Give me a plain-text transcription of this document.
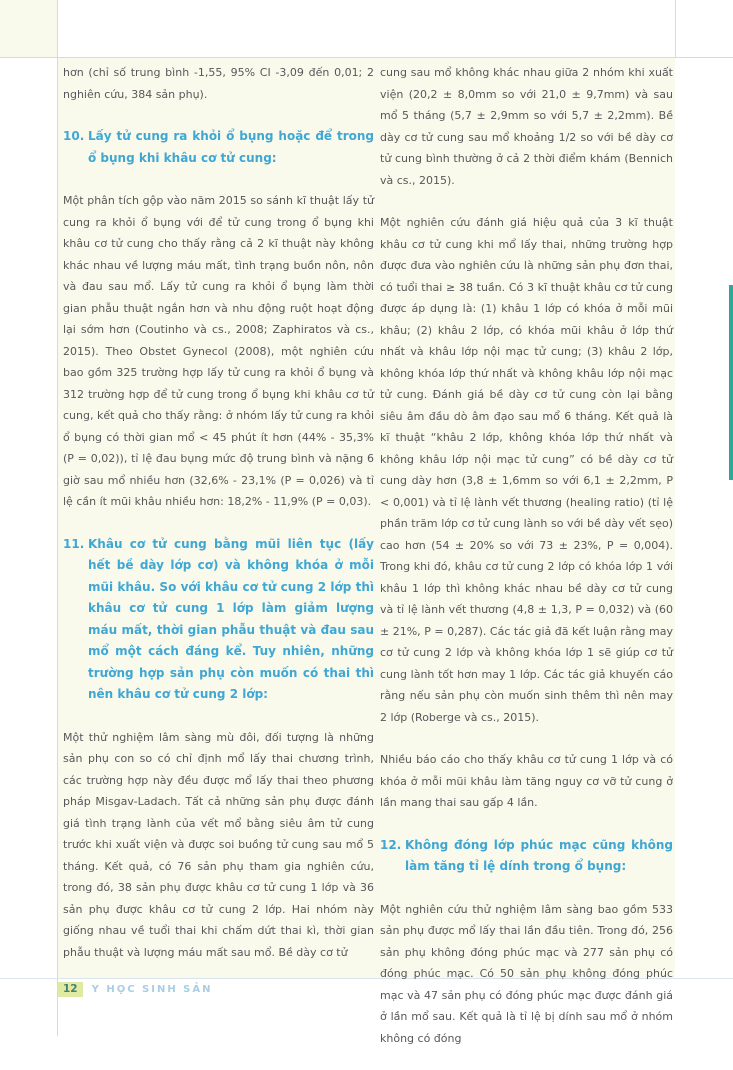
hơn (chỉ số trung bình -1,55, 95% CI -3,09 đến 0,01; 2 nghiên cứu, 384 sản phụ).

10. Lấy tử cung ra khỏi ổ bụng hoặc để trong ổ bụng khi khâu cơ tử cung:

Một phân tích gộp vào năm 2015 so sánh kĩ thuật lấy tử cung ra khỏi ổ bụng với để tử cung trong ổ bụng khi khâu cơ tử cung cho thấy rằng cả 2 kĩ thuật này không khác nhau về lượng máu mất, tình trạng buồn nôn, nôn và đau sau mổ. Lấy tử cung ra khỏi ổ bụng làm thời gian phẫu thuật ngắn hơn và nhu động ruột hoạt động lại sớm hơn (Coutinho và cs., 2008; Zaphiratos và cs., 2015). Theo Obstet Gynecol (2008), một nghiên cứu bao gồm 325 trường hợp lấy tử cung ra khỏi ổ bụng và 312 trường hợp để tử cung trong ổ bụng khi khâu cơ tử cung, kết quả cho thấy rằng: ở nhóm lấy tử cung ra khỏi ổ bụng có thời gian mổ < 45 phút ít hơn (44% - 35,3% (P = 0,02)), tỉ lệ đau bụng mức độ trung bình và nặng 6 giờ sau mổ nhiều hơn (32,6% - 23,1% (P = 0,026) và tỉ lệ cần ít mũi khâu nhiều hơn: 18,2% - 11,9% (P = 0,03).

11. Khâu cơ tử cung bằng mũi liên tục (lấy hết bề dày lớp cơ) và không khóa ở mỗi mũi khâu. So với khâu cơ tử cung 2 lớp thì khâu cơ tử cung 1 lớp làm giảm lượng máu mất, thời gian phẫu thuật và đau sau mổ một cách đáng kể. Tuy nhiên, những trường hợp sản phụ còn muốn có thai thì nên khâu cơ tử cung 2 lớp:

Một thử nghiệm lâm sàng mù đôi, đối tượng là những sản phụ con so có chỉ định mổ lấy thai chương trình, các trường hợp này đều được mổ lấy thai theo phương pháp Misgav-Ladach. Tất cả những sản phụ được đánh giá tình trạng lành của vết mổ bằng siêu âm tử cung trước khi xuất viện và được soi buồng tử cung sau mổ 5 tháng. Kết quả, có 76 sản phụ tham gia nghiên cứu, trong đó, 38 sản phụ được khâu cơ tử cung 1 lớp và 36 sản phụ được khâu cơ tử cung 2 lớp. Hai nhóm này giống nhau về tuổi thai khi chấm dứt thai kì, thời gian phẫu thuật và lượng máu mất sau mổ. Bề dày cơ tử

cung sau mổ không khác nhau giữa 2 nhóm khi xuất viện (20,2 ± 8,0mm so với 21,0 ± 9,7mm) và sau mổ 5 tháng (5,7 ± 2,9mm so với 5,7 ± 2,2mm). Bề dày cơ tử cung sau mổ khoảng 1/2 so với bề dày cơ tử cung bình thường ở cả 2 thời điểm khám (Bennich và cs., 2015).

Một nghiên cứu đánh giá hiệu quả của 3 kĩ thuật khâu cơ tử cung khi mổ lấy thai, những trường hợp được đưa vào nghiên cứu là những sản phụ đơn thai, có tuổi thai ≥ 38 tuần. Có 3 kĩ thuật khâu cơ tử cung được áp dụng là: (1) khâu 1 lớp có khóa ở mỗi mũi khâu; (2) khâu 2 lớp, có khóa mũi khâu ở lớp thứ nhất và khâu lớp nội mạc tử cung; (3) khâu 2 lớp, không khóa lớp thứ nhất và không khâu lớp nội mạc tử cung. Đánh giá bề dày cơ tử cung còn lại bằng siêu âm đầu dò âm đạo sau mổ 6 tháng. Kết quả là kĩ thuật “khâu 2 lớp, không khóa lớp thứ nhất và không khâu lớp nội mạc tử cung” có bề dày cơ tử cung dày hơn (3,8 ± 1,6mm so với 6,1 ± 2,2mm, P < 0,001) và tỉ lệ lành vết thương (healing ratio) (tỉ lệ phần trăm lớp cơ tử cung lành so với bề dày vết sẹo) cao hơn (54 ± 20% so với 73 ± 23%, P = 0,004). Trong khi đó, khâu cơ tử cung 2 lớp có khóa lớp 1 với khâu 1 lớp thì không khác nhau bề dày cơ tử cung và tỉ lệ lành vết thương (4,8 ± 1,3, P = 0,032) và (60 ± 21%, P = 0,287). Các tác giả đã kết luận rằng may cơ tử cung 2 lớp và không khóa lớp 1 sẽ giúp cơ tử cung lành tốt hơn may 1 lớp. Các tác giả khuyến cáo rằng nếu sản phụ còn muốn sinh thêm thì nên may 2 lớp (Roberge và cs., 2015).

Nhiều báo cáo cho thấy khâu cơ tử cung 1 lớp và có khóa ở mỗi mũi khâu làm tăng nguy cơ vỡ tử cung ở lần mang thai sau gấp 4 lần.

12. Không đóng lớp phúc mạc cũng không làm tăng tỉ lệ dính trong ổ bụng:

Một nghiên cứu thử nghiệm lâm sàng bao gồm 533 sản phụ được mổ lấy thai lần đầu tiên. Trong đó, 256 sản phụ không đóng phúc mạc và 277 sản phụ có đóng phúc mạc. Có 50 sản phụ không đóng phúc mạc và 47 sản phụ có đóng phúc mạc được đánh giá ở lần mổ sau. Kết quả là tỉ lệ bị dính sau mổ ở nhóm không có đóng

12	Y HỌC SINH SẢN
